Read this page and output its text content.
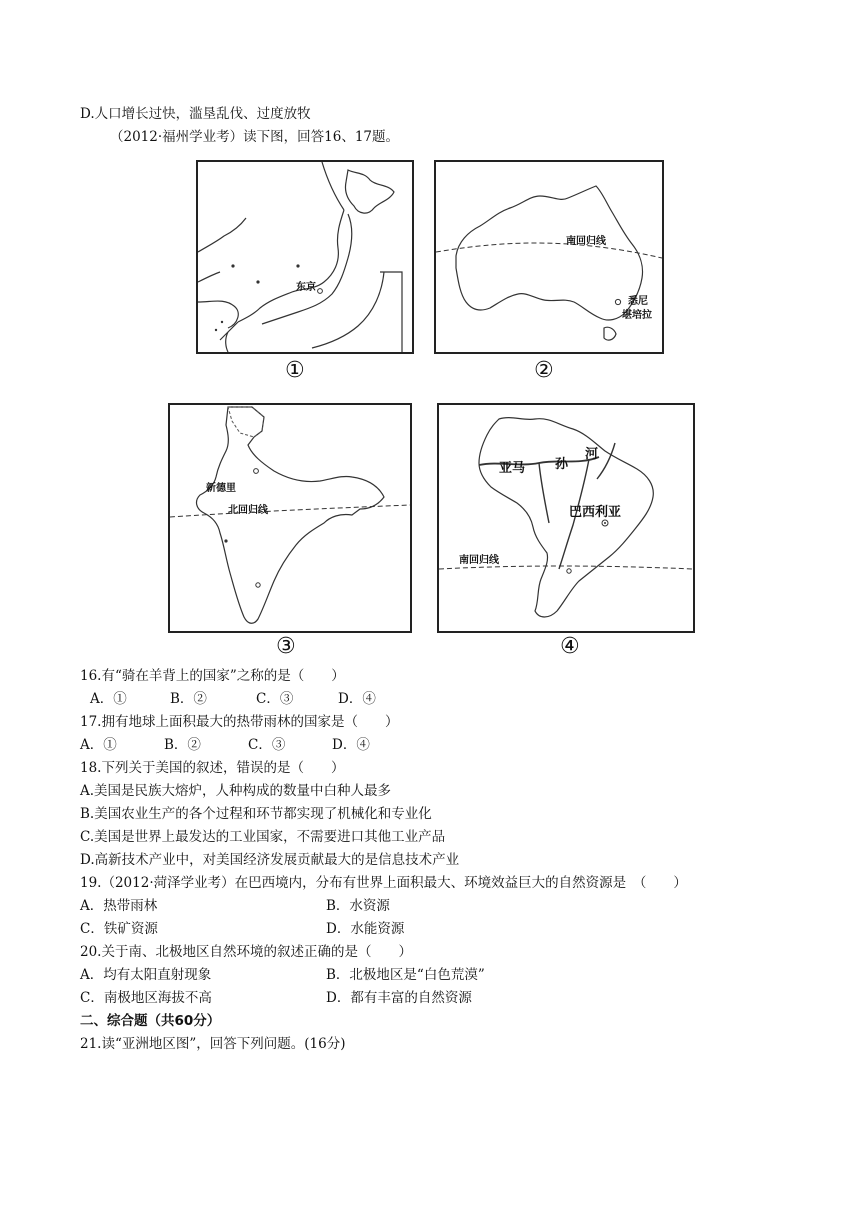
D.人口增长过快，滥垦乱伐、过度放牧
（2012·福州学业考）读下图，回答16、17题。
东京
①
南回归线
悉尼
堪培拉
②
新德里
北回归线
③
亚马 孙
河
巴西利亚
南回归线
④
16.有“骑在羊背上的国家”之称的是（　　）
A．①	B．②	C．③	D．④
17.拥有地球上面积最大的热带雨林的国家是（　　）
A．①	B．②	C．③	D．④
18.下列关于美国的叙述，错误的是（　　）
A.美国是民族大熔炉，人种构成的数量中白种人最多
B.美国农业生产的各个过程和环节都实现了机械化和专业化
C.美国是世界上最发达的工业国家，不需要进口其他工业产品
D.高新技术产业中，对美国经济发展贡献最大的是信息技术产业
19.（2012·菏泽学业考）在巴西境内，分布有世界上面积最大、环境效益巨大的自然资源是　（　　）
A．热带雨林	B．水资源
C．铁矿资源	D．水能资源
20.关于南、北极地区自然环境的叙述正确的是（　　）
A．均有太阳直射现象	B．北极地区是“白色荒漠”
C．南极地区海拔不高	D．都有丰富的自然资源
二、综合题（共60分）
21.读“亚洲地区图”，回答下列问题。(16分)
